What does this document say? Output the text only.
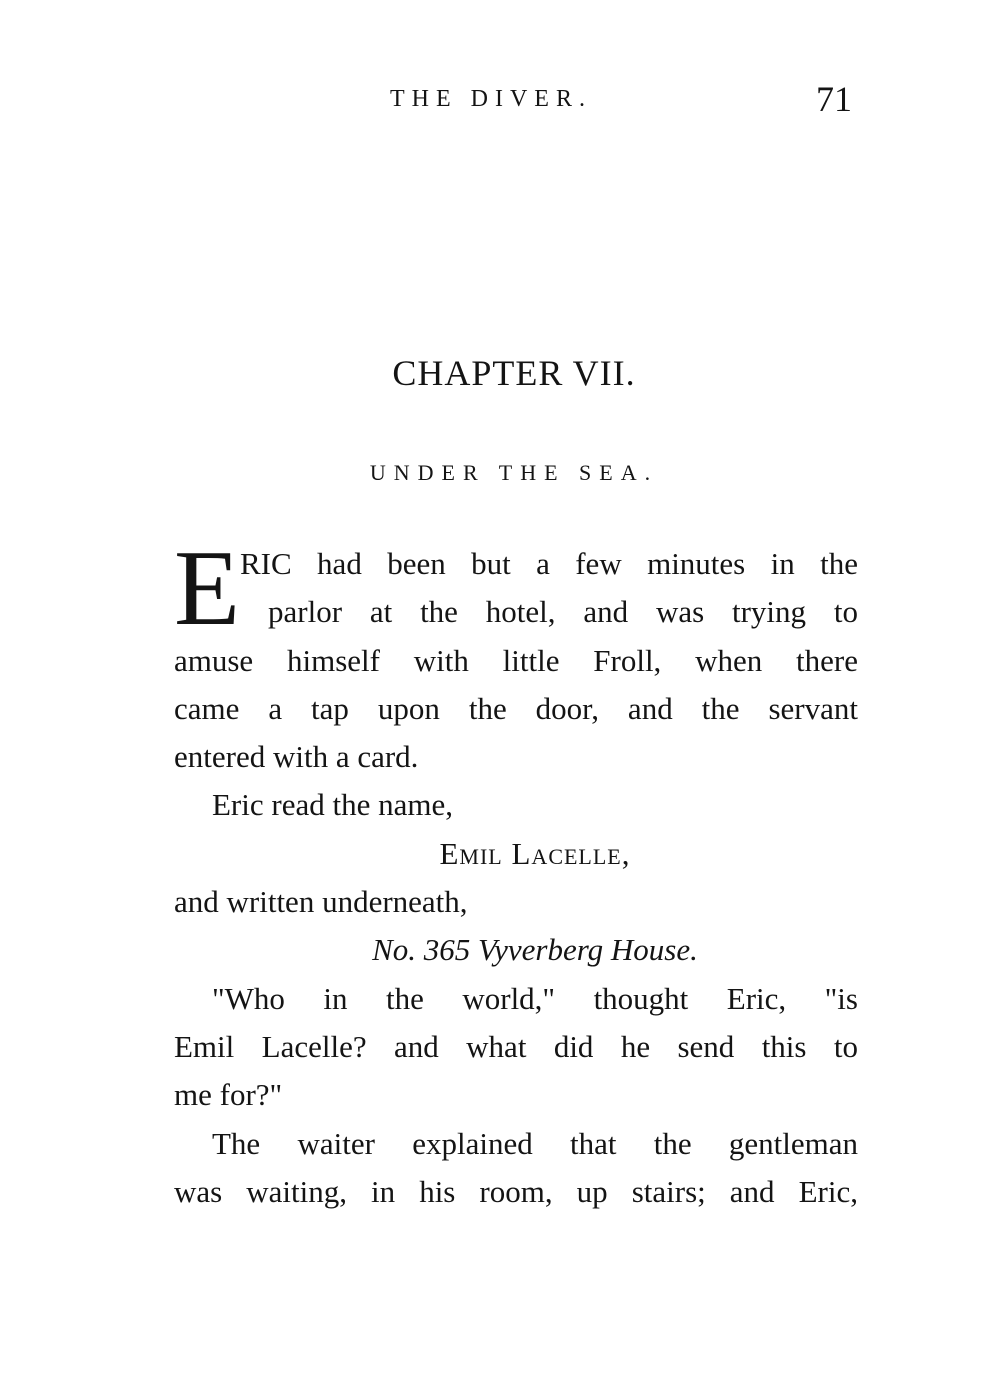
THE DIVER.	71
CHAPTER VII.
UNDER THE SEA.
E RIC had been but a few minutes in the
parlor at the hotel, and was trying to
amuse himself with little Froll, when there
came a tap upon the door, and the servant
entered with a card.
Eric read the name,
Emil Lacelle,
and written underneath,
No. 365 Vyverberg House.
"Who in the world," thought Eric, "is
Emil Lacelle? and what did he send this to
me for?"
The waiter explained that the gentleman
was waiting, in his room, up stairs; and Eric,
